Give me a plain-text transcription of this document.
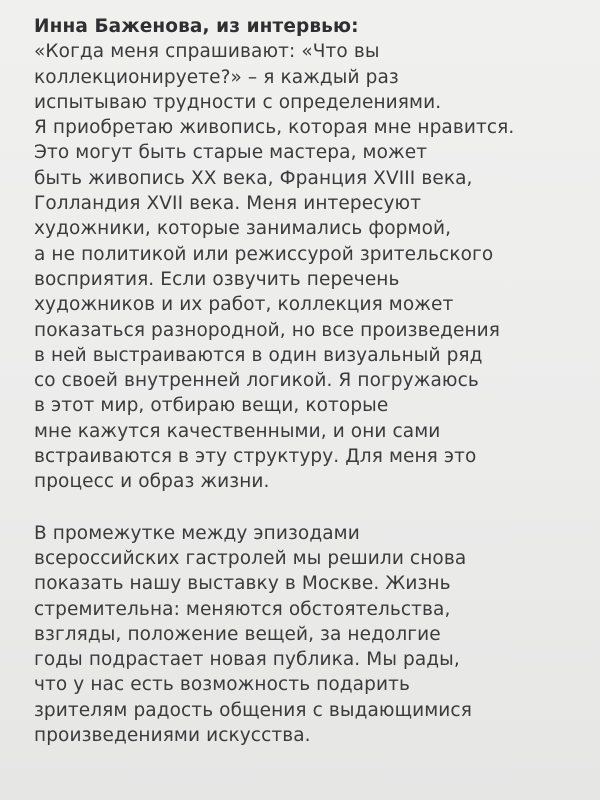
Инна Баженова, из интервью:
«Когда меня спрашивают: «Что вы
коллекционируете?» – я каждый раз
испытываю трудности с определениями.
Я приобретаю живопись, которая мне нравится.
Это могут быть старые мастера, может
быть живопись XX века, Франция XVIII века,
Голландия XVII века. Меня интересуют
художники, которые занимались формой,
а не политикой или режиссурой зрительского
восприятия. Если озвучить перечень
художников и их работ, коллекция может
показаться разнородной, но все произведения
в ней выстраиваются в один визуальный ряд
со своей внутренней логикой. Я погружаюсь
в этот мир, отбираю вещи, которые
мне кажутся качественными, и они сами
встраиваются в эту структуру. Для меня это
процесс и образ жизни.
В промежутке между эпизодами
всероссийских гастролей мы решили снова
показать нашу выставку в Москве. Жизнь
стремительна: меняются обстоятельства,
взгляды, положение вещей, за недолгие
годы подрастает новая публика. Мы рады,
что у нас есть возможность подарить
зрителям радость общения с выдающимися
произведениями искусства.
